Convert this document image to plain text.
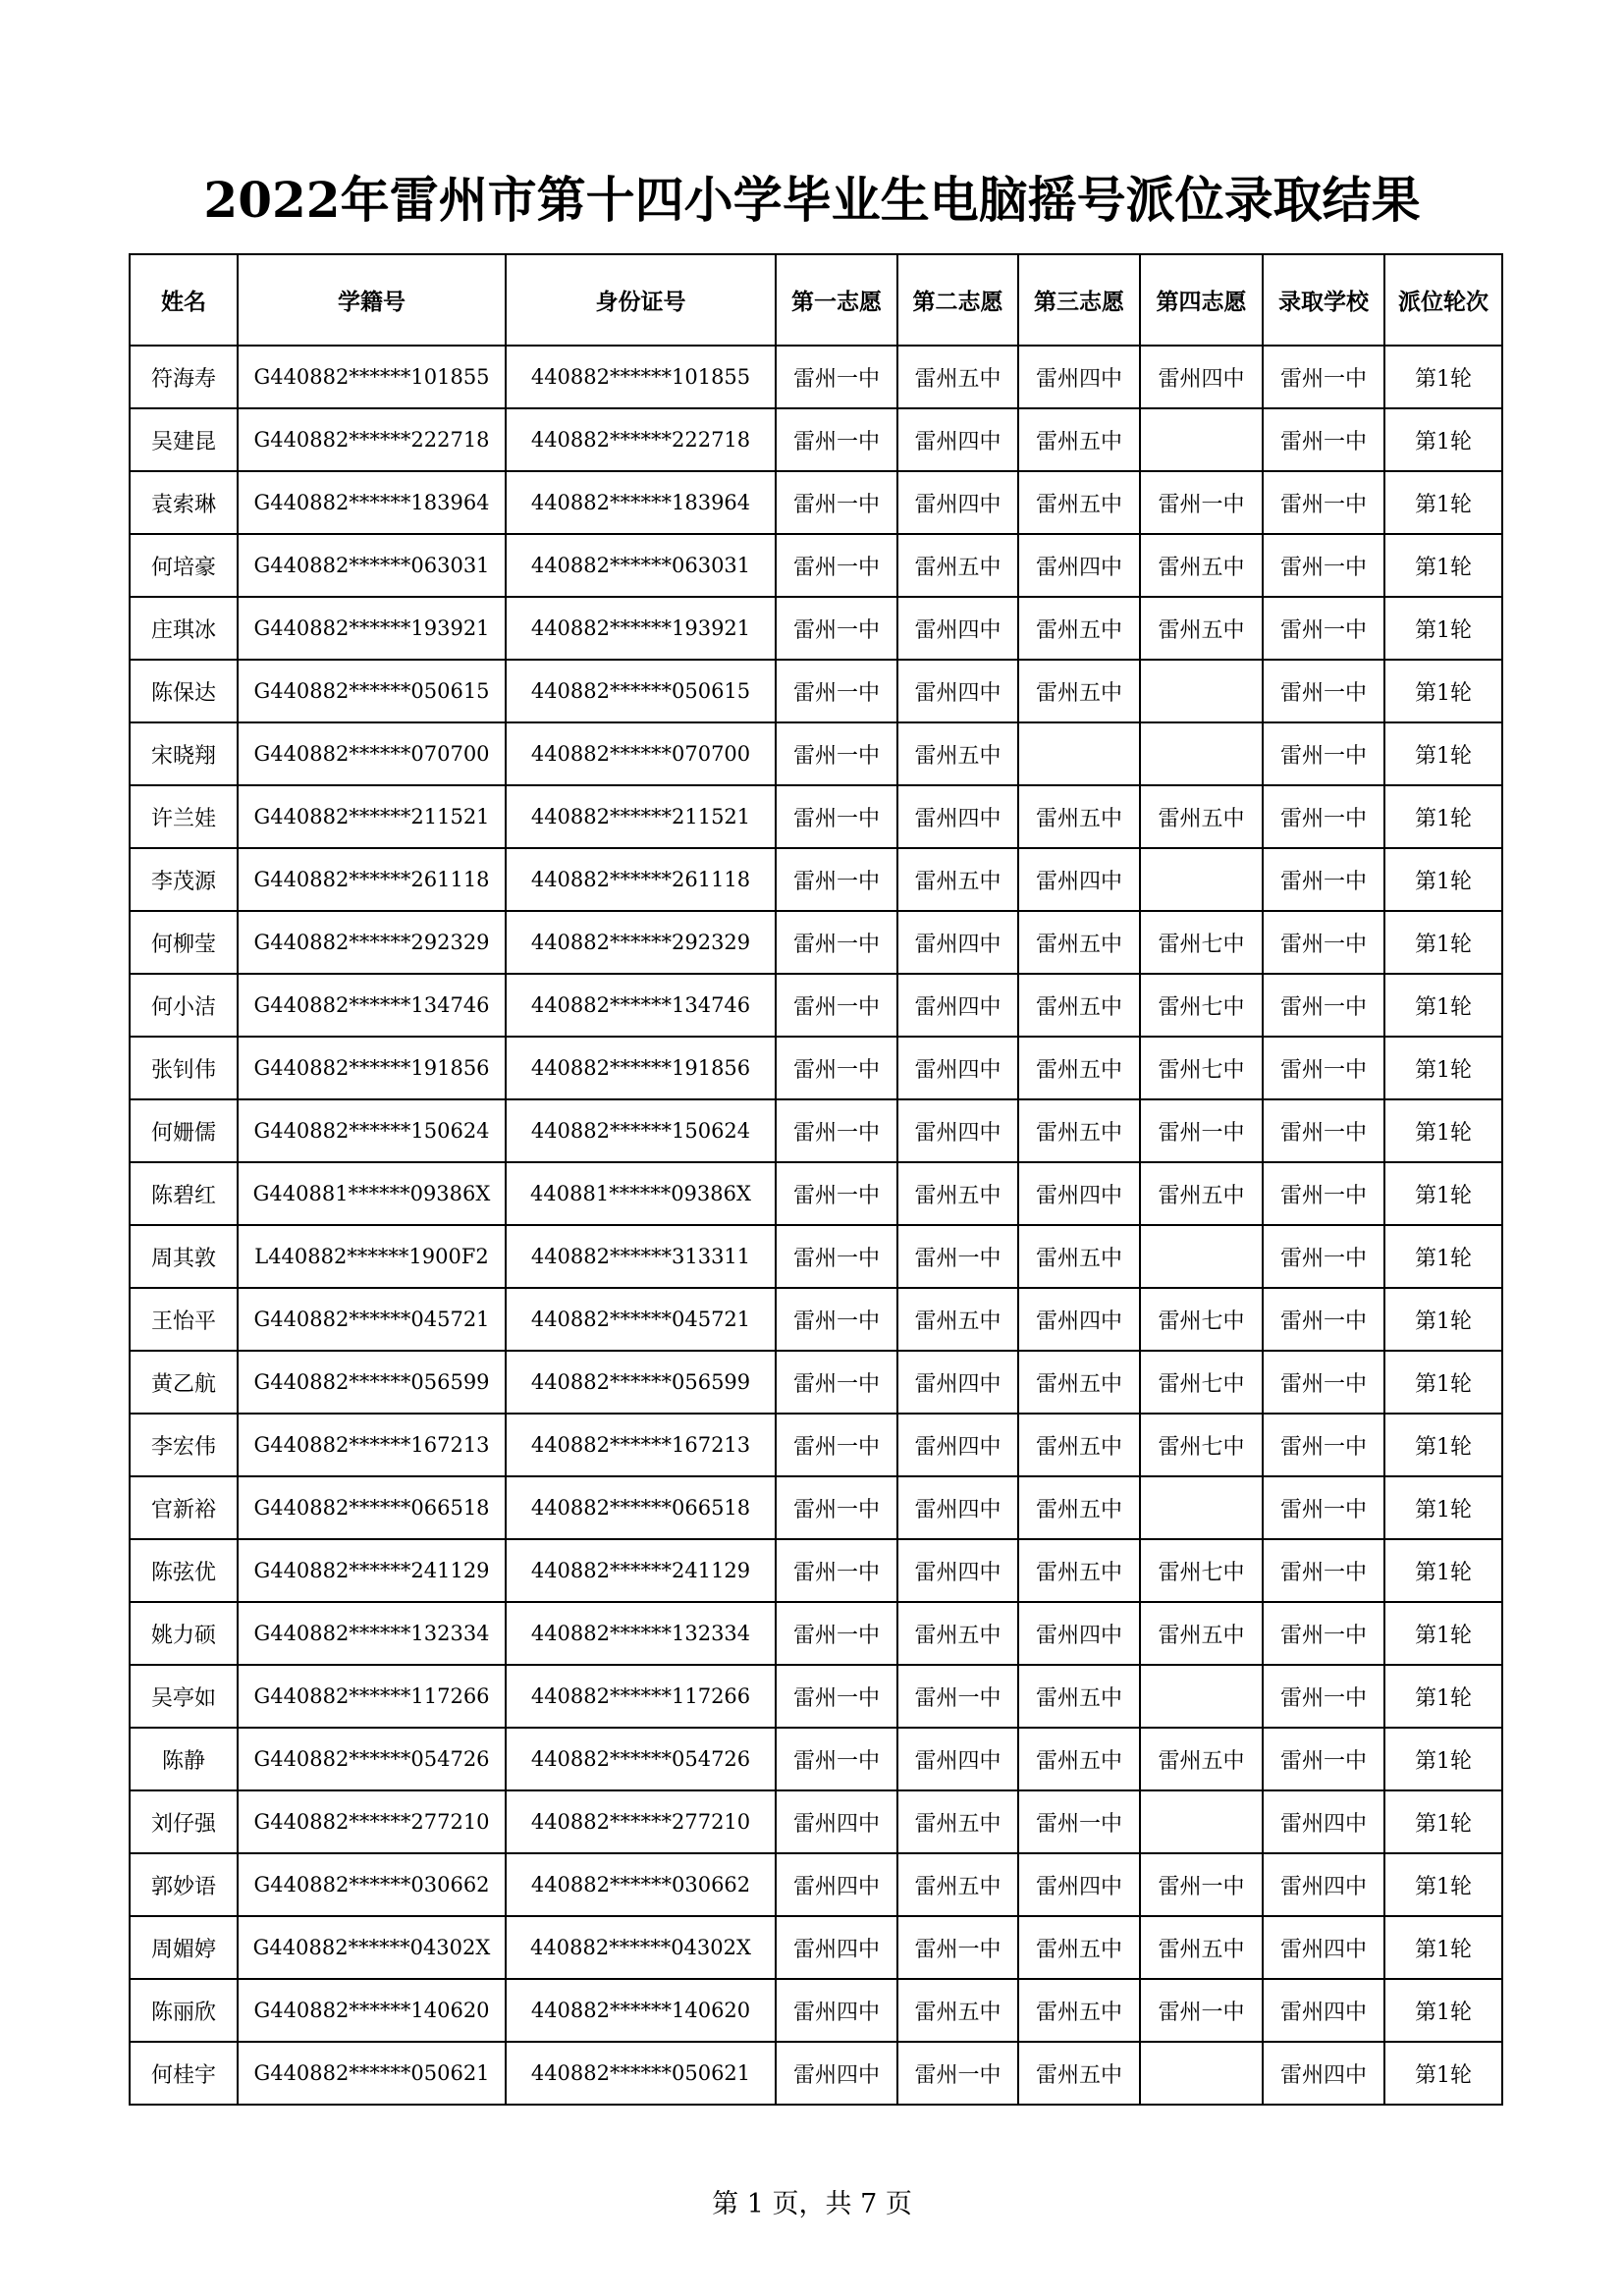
2022年雷州市第十四小学毕业生电脑摇号派位录取结果
姓名	学籍号	身份证号	第一志愿	第二志愿	第三志愿	第四志愿	录取学校	派位轮次
符海寿	G440882******101855	440882******101855	雷州一中	雷州五中	雷州四中	雷州四中	雷州一中	第1轮
吴建昆	G440882******222718	440882******222718	雷州一中	雷州四中	雷州五中		雷州一中	第1轮
袁索琳	G440882******183964	440882******183964	雷州一中	雷州四中	雷州五中	雷州一中	雷州一中	第1轮
何培豪	G440882******063031	440882******063031	雷州一中	雷州五中	雷州四中	雷州五中	雷州一中	第1轮
庄琪冰	G440882******193921	440882******193921	雷州一中	雷州四中	雷州五中	雷州五中	雷州一中	第1轮
陈保达	G440882******050615	440882******050615	雷州一中	雷州四中	雷州五中		雷州一中	第1轮
宋晓翔	G440882******070700	440882******070700	雷州一中	雷州五中			雷州一中	第1轮
许兰娃	G440882******211521	440882******211521	雷州一中	雷州四中	雷州五中	雷州五中	雷州一中	第1轮
李茂源	G440882******261118	440882******261118	雷州一中	雷州五中	雷州四中		雷州一中	第1轮
何柳莹	G440882******292329	440882******292329	雷州一中	雷州四中	雷州五中	雷州七中	雷州一中	第1轮
何小洁	G440882******134746	440882******134746	雷州一中	雷州四中	雷州五中	雷州七中	雷州一中	第1轮
张钊伟	G440882******191856	440882******191856	雷州一中	雷州四中	雷州五中	雷州七中	雷州一中	第1轮
何姗儒	G440882******150624	440882******150624	雷州一中	雷州四中	雷州五中	雷州一中	雷州一中	第1轮
陈碧红	G440881******09386X	440881******09386X	雷州一中	雷州五中	雷州四中	雷州五中	雷州一中	第1轮
周其敦	L440882******1900F2	440882******313311	雷州一中	雷州一中	雷州五中		雷州一中	第1轮
王怡平	G440882******045721	440882******045721	雷州一中	雷州五中	雷州四中	雷州七中	雷州一中	第1轮
黄乙航	G440882******056599	440882******056599	雷州一中	雷州四中	雷州五中	雷州七中	雷州一中	第1轮
李宏伟	G440882******167213	440882******167213	雷州一中	雷州四中	雷州五中	雷州七中	雷州一中	第1轮
官新裕	G440882******066518	440882******066518	雷州一中	雷州四中	雷州五中		雷州一中	第1轮
陈弦优	G440882******241129	440882******241129	雷州一中	雷州四中	雷州五中	雷州七中	雷州一中	第1轮
姚力硕	G440882******132334	440882******132334	雷州一中	雷州五中	雷州四中	雷州五中	雷州一中	第1轮
吴亭如	G440882******117266	440882******117266	雷州一中	雷州一中	雷州五中		雷州一中	第1轮
陈静	G440882******054726	440882******054726	雷州一中	雷州四中	雷州五中	雷州五中	雷州一中	第1轮
刘仔强	G440882******277210	440882******277210	雷州四中	雷州五中	雷州一中		雷州四中	第1轮
郭妙语	G440882******030662	440882******030662	雷州四中	雷州五中	雷州四中	雷州一中	雷州四中	第1轮
周媚婷	G440882******04302X	440882******04302X	雷州四中	雷州一中	雷州五中	雷州五中	雷州四中	第1轮
陈丽欣	G440882******140620	440882******140620	雷州四中	雷州五中	雷州五中	雷州一中	雷州四中	第1轮
何桂宇	G440882******050621	440882******050621	雷州四中	雷州一中	雷州五中		雷州四中	第1轮
第 1 页，共 7 页
